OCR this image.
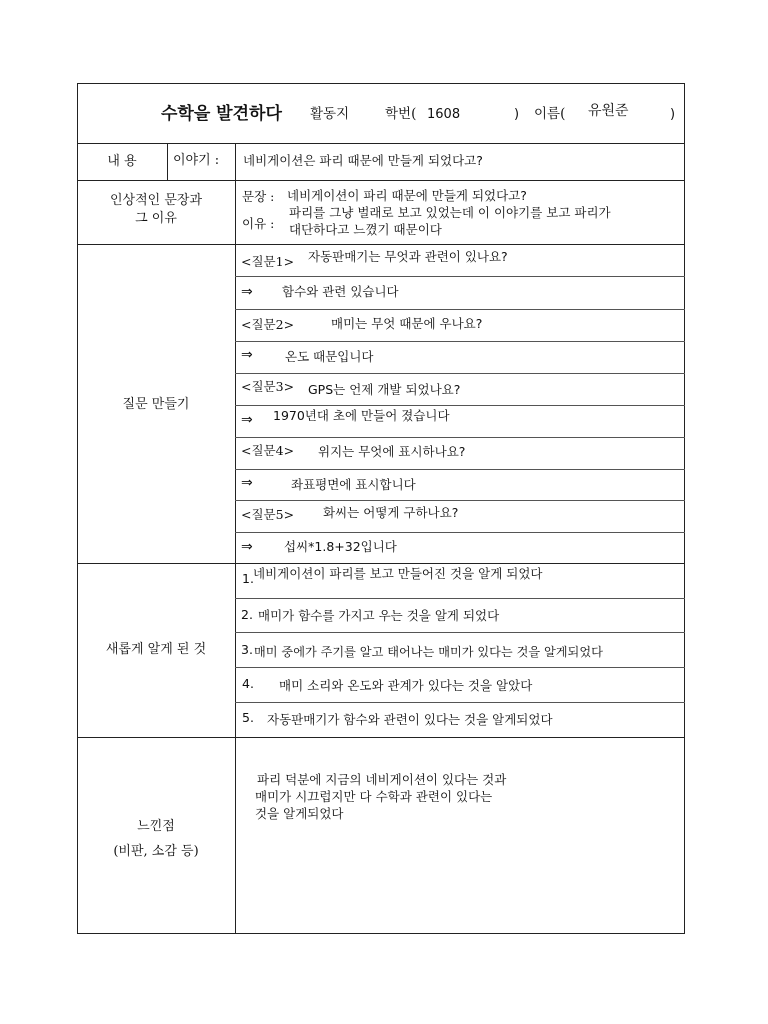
수학을 발견하다 활동지	학번( 1608	) 이름( 유원준	)
내 용	이야기 : 네비게이션은 파리 때문에 만들게 되었다고?
인상적인 문장과
그 이유
문장 : 네비게이션이 파리 때문에 만들게 되었다고?
이유 :
파리를 그냥 벌래로 보고 있었는데 이 이야기를 보고 파리가
대단하다고 느꼈기 때문이다
질문 만들기
<질문1> 자동판매기는 무엇과 관련이 있나요?
⇒ 함수와 관련 있습니다
<질문2>	매미는 무엇 때문에 우나요?
⇒	온도 때문입니다
<질문3> GPS는 언제 개발 되었나요?
⇒ 1970년대 초에 만들어 졌습니다
<질문4> 위지는 무엇에 표시하나요?
⇒	좌표평면에 표시합니다
<질문5> 화씨는 어떻게 구하나요?
⇒	섭씨*1.8+32입니다
새롭게 알게 된 것
1. 네비게이션이 파리를 보고 만들어진 것을 알게 되었다
2. 매미가 함수를 가지고 우는 것을 알게 되었다
3. 매미 중에가 주기를 알고 태어나는 매미가 있다는 것을 알게되었다
4. 매미 소리와 온도와 관계가 있다는 것을 알았다
5. 자동판매기가 함수와 관련이 있다는 것을 알게되었다
느낀점
(비판, 소감 등)
파리 덕분에 지금의 네비게이션이 있다는 것과
매미가 시끄럽지만 다 수학과 관련이 있다는
것을 알게되었다
